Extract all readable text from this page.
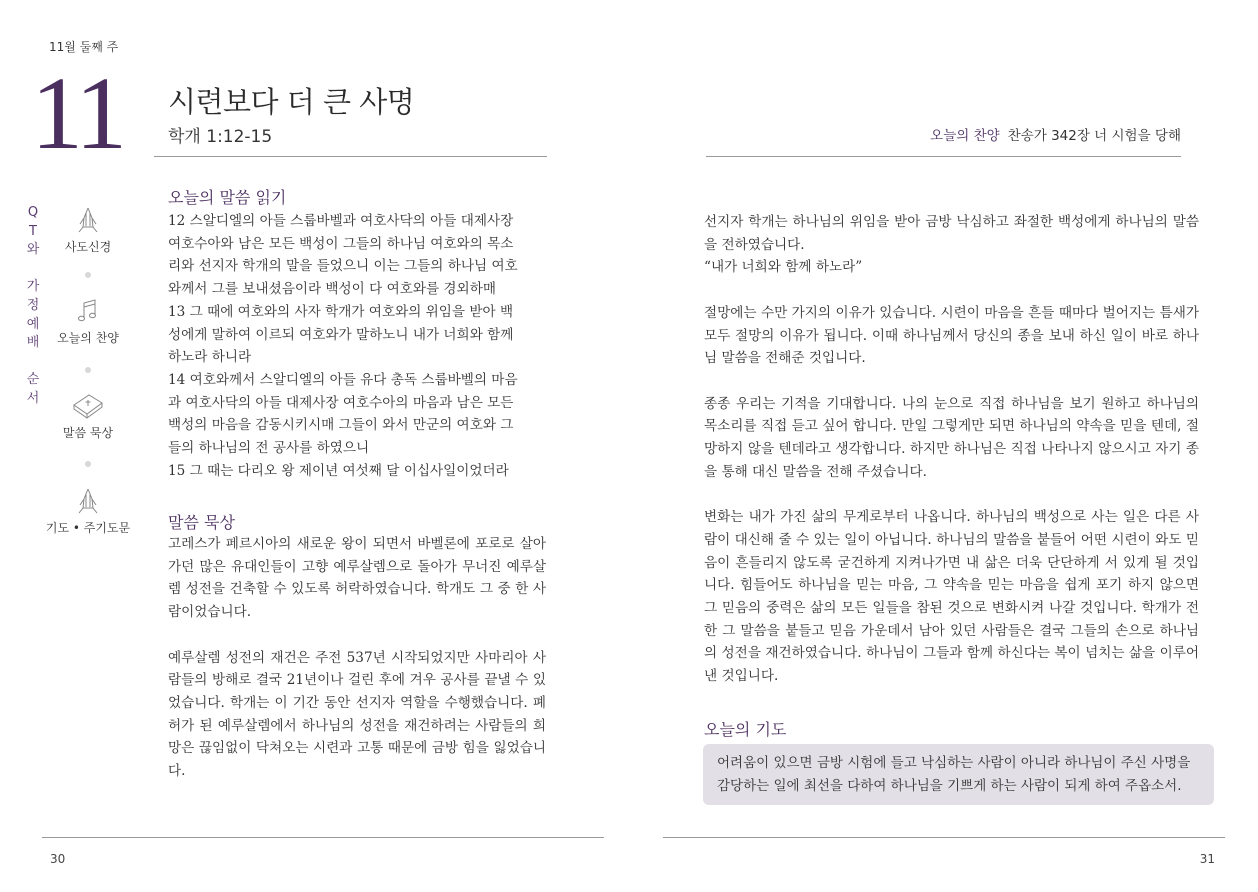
11월 둘째 주
11 시련보다 더 큰 사명
학개 1:12-15	오늘의 찬양 찬송가 342장 너 시험을 당해
Q
T
와
가
정
예
배
순
서
사도신경
오늘의 찬양
말씀 묵상
기도 • 주기도문
오늘의 말씀 읽기
12 스알디엘의 아들 스룹바벨과 여호사닥의 아들 대제사장
여호수아와 남은 모든 백성이 그들의 하나님 여호와의 목소
리와 선지자 학개의 말을 들었으니 이는 그들의 하나님 여호
와께서 그를 보내셨음이라 백성이 다 여호와를 경외하매
13 그 때에 여호와의 사자 학개가 여호와의 위임을 받아 백
성에게 말하여 이르되 여호와가 말하노니 내가 너희와 함께
하노라 하니라
14 여호와께서 스알디엘의 아들 유다 총독 스룹바벨의 마음
과 여호사닥의 아들 대제사장 여호수아의 마음과 남은 모든
백성의 마음을 감동시키시매 그들이 와서 만군의 여호와 그
들의 하나님의 전 공사를 하였으니
15 그 때는 다리오 왕 제이년 여섯째 달 이십사일이었더라
말씀 묵상

고레스가 페르시아의 새로운 왕이 되면서 바벨론에 포로로 살아가던 많은 유대인들이 고향 예루살렘으로 돌아가 무너진 예루살렘 성전을 건축할 수 있도록 허락하였습니다. 학개도 그 중 한 사람이었습니다.

예루살렘 성전의 재건은 주전 537년 시작되었지만 사마리아 사람들의 방해로 결국 21년이나 걸린 후에 겨우 공사를 끝낼 수 있었습니다. 학개는 이 기간 동안 선지자 역할을 수행했습니다. 폐허가 된 예루살렘에서 하나님의 성전을 재건하려는 사람들의 희망은 끊임없이 닥쳐오는 시련과 고통 때문에 금방 힘을 잃었습니다.

선지자 학개는 하나님의 위임을 받아 금방 낙심하고 좌절한 백성에게 하나님의 말씀을 전하였습니다.
“내가 너희와 함께 하노라”

절망에는 수만 가지의 이유가 있습니다. 시련이 마음을 흔들 때마다 벌어지는 틈새가 모두 절망의 이유가 됩니다. 이때 하나님께서 당신의 종을 보내 하신 일이 바로 하나님 말씀을 전해준 것입니다.

종종 우리는 기적을 기대합니다. 나의 눈으로 직접 하나님을 보기 원하고 하나님의 목소리를 직접 듣고 싶어 합니다. 만일 그렇게만 되면 하나님의 약속을 믿을 텐데, 절망하지 않을 텐데라고 생각합니다. 하지만 하나님은 직접 나타나지 않으시고 자기 종을 통해 대신 말씀을 전해 주셨습니다.

변화는 내가 가진 삶의 무게로부터 나옵니다. 하나님의 백성으로 사는 일은 다른 사람이 대신해 줄 수 있는 일이 아닙니다. 하나님의 말씀을 붙들어 어떤 시련이 와도 믿음이 흔들리지 않도록 굳건하게 지켜나가면 내 삶은 더욱 단단하게 서 있게 될 것입니다. 힘들어도 하나님을 믿는 마음, 그 약속을 믿는 마음을 쉽게 포기 하지 않으면 그 믿음의 중력은 삶의 모든 일들을 참된 것으로 변화시켜 나갈 것입니다. 학개가 전한 그 말씀을 붙들고 믿음 가운데서 남아 있던 사람들은 결국 그들의 손으로 하나님의 성전을 재건하였습니다. 하나님이 그들과 함께 하신다는 복이 넘치는 삶을 이루어낸 것입니다.

오늘의 기도
어려움이 있으면 금방 시험에 들고 낙심하는 사람이 아니라 하나님이 주신 사명을 감당하는 일에 최선을 다하여 하나님을 기쁘게 하는 사람이 되게 하여 주옵소서.
30	31
